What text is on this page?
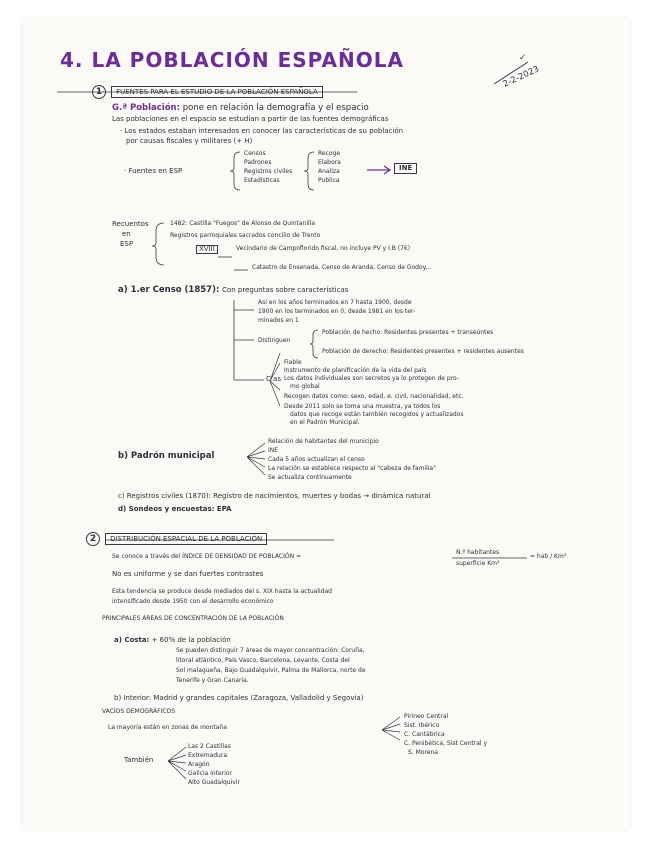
4. LA POBLACIÓN ESPAÑOLA	✓
2-2-2023
1 FUENTES PARA EL ESTUDIO DE LA POBLACIÓN ESPAÑOLA
G.ª Población: pone en relación la demografía y el espacio
Las poblaciones en el espacio se estudian a partir de las fuentes demográficas
· Los estados estaban interesados en conocer las características de su población
por causas fiscales y militares (+ H)
· Fuentes en ESP
Censos
Padrones
Registros civiles
Estadísticas
Recoge
Elabora
Analiza
Publica
INE
Recuentos
en
ESP
1482: Castilla "Fuegos" de Alonso de Quintanilla
Registros parroquiales sacrados concilio de Trento
XVIII	Vecindario de Campoflorido fiscal, no incluye PV y I.B (7€)
Catastro de Ensenada, Censo de Aranda, Censo de Godoy...
a) 1.er Censo (1857): Con preguntas sobre características
Así en los años terminados en 7 hasta 1900, desde
1900 en los terminados en 0, desde 1981 en los ter-
minados en 1
Distinguen
Población de hecho: Residentes presentes + transeúntes
Población de derecho: Residentes presentes + residentes ausentes
C.as
Fiable
Instrumento de planificación de la vida del país
Los datos individuales son secretos ya lo protegen de pro-
mo global
Recogen datos como: sexo, edad, e. civil, nacionalidad, etc.
Desde 2011 solo se toma una muestra, ya todos los
datos que recoge están también recogidos y actualizados
en el Padrón Municipal.
b) Padrón municipal
Relación de habitantes del municipio
INE
Cada 5 años actualizan el censo
La relación se establece respecto al "cabeza de familia"
Se actualiza continuamente
c) Registros civiles (1870): Registro de nacimientos, muertes y bodas → dinámica natural
d) Sondeos y encuestas: EPA
2 DISTRIBUCIÓN ESPACIAL DE LA POBLACIÓN
Se conoce a través del ÍNDICE DE DENSIDAD DE POBLACIÓN =
N.º habitantes
superficie Km²
= hab / Km²
No es uniforme y se dan fuertes contrastes
Esta tendencia se produce desde mediados del s. XIX hasta la actualidad
intensificado desde 1950 con el desarrollo económico
PRINCIPALES ÁREAS DE CONCENTRACIÓN DE LA POBLACIÓN
a) Costa: + 60% de la población
Se pueden distinguir 7 áreas de mayor concentración: Coruña,
litoral atlántico, País Vasco, Barcelona, Levante, Costa del
Sol malagueña, Bajo Guadalquivir, Palma de Mallorca, norte de
Tenerife y Gran Canaria.
b) Interior: Madrid y grandes capitales (Zaragoza, Valladolid y Segovia)
VACÍOS DEMOGRÁFICOS
La mayoría están en zonas de montaña
Pirineo Central
Sist. Ibérico
C. Cantábrica
C. Penibética, Sist Central y
S. Morena
También
Las 2 Castillas
Extremadura
Aragón
Galicia interior
Alto Guadalquivir
